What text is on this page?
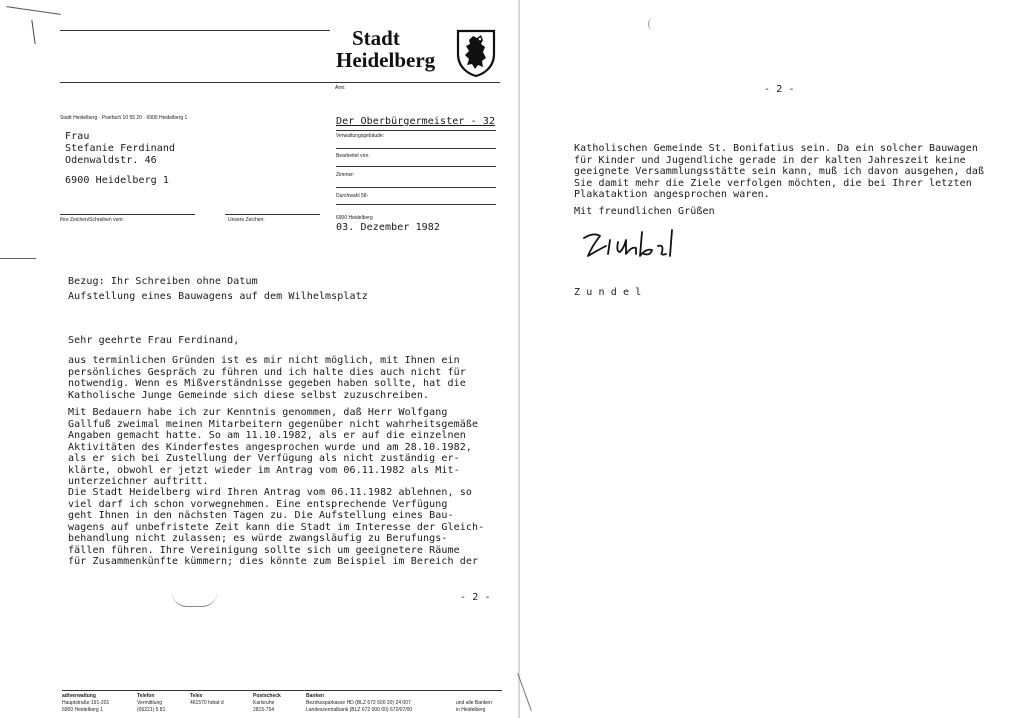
Stadt
Heidelberg
Amt:
Stadt Heidelberg · Postfach 10 55 20 · 6900 Heidelberg 1	Der Oberbürgermeister - 32
Verwaltungsgebäude:
Bearbeitet von:
Zimmer:
Durchwahl 58-
Frau
Stefanie Ferdinand
Odenwaldstr. 46
6900 Heidelberg 1
Ihre Zeichen/Schreiben vom:	Unsere Zeichen:	6900 Heidelberg
03. Dezember 1982
Bezug: Ihr Schreiben ohne Datum
Aufstellung eines Bauwagens auf dem Wilhelmsplatz
Sehr geehrte Frau Ferdinand,
aus terminlichen Gründen ist es mir nicht möglich, mit Ihnen ein
persönliches Gespräch zu führen und ich halte dies auch nicht für
notwendig. Wenn es Mißverständnisse gegeben haben sollte, hat die
Katholische Junge Gemeinde sich diese selbst zuzuschreiben.
Mit Bedauern habe ich zur Kenntnis genommen, daß Herr Wolfgang
Gallfuß zweimal meinen Mitarbeitern gegenüber nicht wahrheitsgemäße
Angaben gemacht hatte. So am 11.10.1982, als er auf die einzelnen
Aktivitäten des Kinderfestes angesprochen wurde und am 28.10.1982,
als er sich bei Zustellung der Verfügung als nicht zuständig er-
klärte, obwohl er jetzt wieder im Antrag vom 06.11.1982 als Mit-
unterzeichner auftritt.
Die Stadt Heidelberg wird Ihren Antrag vom 06.11.1982 ablehnen, so
viel darf ich schon vorwegnehmen. Eine entsprechende Verfügung
geht Ihnen in den nächsten Tagen zu. Die Aufstellung eines Bau-
wagens auf unbefristete Zeit kann die Stadt im Interesse der Gleich-
behandlung nicht zulassen; es würde zwangsläufig zu Berufungs-
fällen führen. Ihre Vereinigung sollte sich um geeignetere Räume
für Zusammenkünfte kümmern; dies könnte zum Beispiel im Bereich der
- 2 -
adtverwaltung
Hauptstraße 191-201
6900 Heidelberg 1
Telefon
Vermittlung
(06221) 5 81
Telex
461570 hdrat d
Postscheck
Karlsruhe
2815-754
Banken
Bezirkssparkasse HD (BLZ 672 500 20) 24 007
Landeszentralbank (BLZ 672 000 00) 672/07/00
und alle Banken
in Heidelberg
- 2 -
Katholischen Gemeinde St. Bonifatius sein. Da ein solcher Bauwagen
für Kinder und Jugendliche gerade in der kalten Jahreszeit keine
geeignete Versammlungsstätte sein kann, muß ich davon ausgehen, daß
Sie damit mehr die Ziele verfolgen möchten, die bei Ihrer letzten
Plakataktion angesprochen waren.
Mit freundlichen Grüßen
Z u n d e l
